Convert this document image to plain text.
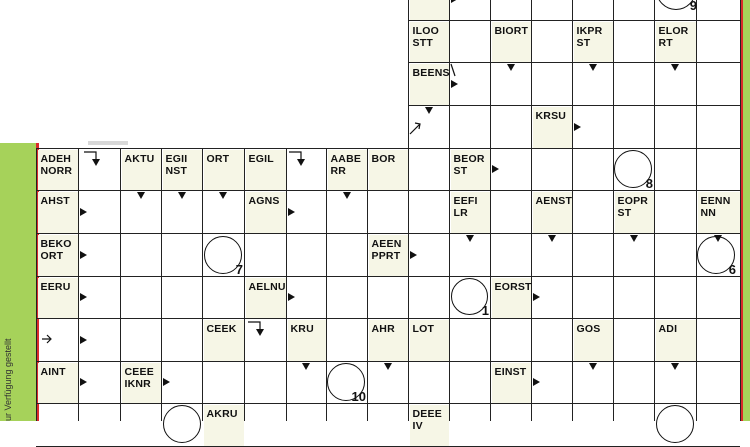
ur Verfügung gestellt
ILOO
STT
BIORT	IKPR
ST
ELOR
RT
BEENS
KRSU
ADEH
NORR
AKTU	EGII
NST
ORT	EGIL	AABE
RR
BOR	BEOR
ST
AHST	AGNS	EEFI
LR
AENST	EOPR
ST
EENN
NN
BEKO
ORT
AEEN
PPRT
EERU	AELNU	EORST
CEEK	KRU	AHR	LOT	GOS	ADI
AINT	CEEE
IKNR
EINST
AKRU	DEEE
IV
9
8
7	6
1
10
